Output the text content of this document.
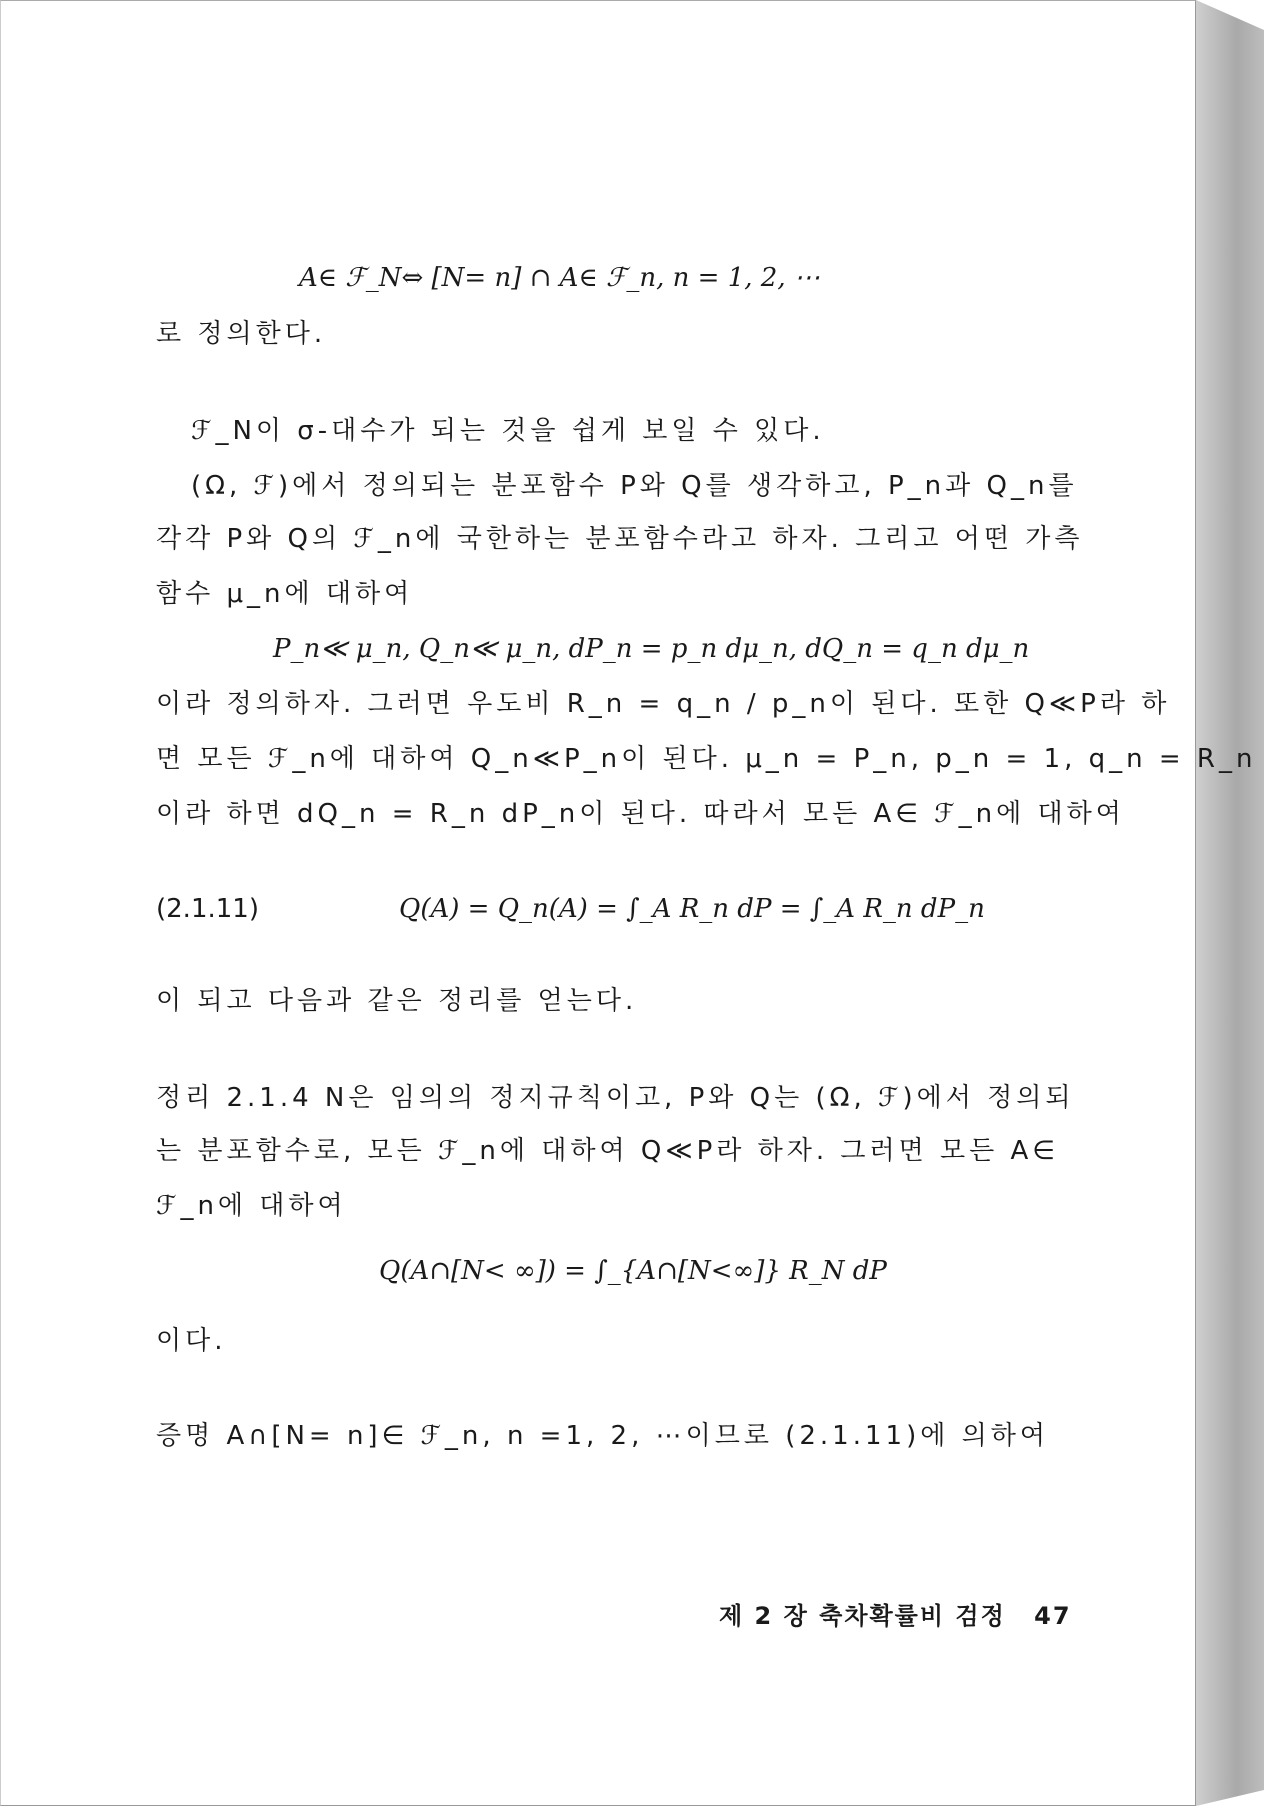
A∈ ℱ_N⇔ [N= n] ∩ A∈ ℱ_n, n = 1, 2, ⋯
로 정의한다.
ℱ_N이 σ-대수가 되는 것을 쉽게 보일 수 있다.
(Ω, ℱ)에서 정의되는 분포함수 P와 Q를 생각하고, P_n과 Q_n를
각각 P와 Q의 ℱ_n에 국한하는 분포함수라고 하자. 그리고 어떤 가측
함수 μ_n에 대하여
P_n≪ μ_n, Q_n≪ μ_n, dP_n = p_n dμ_n, dQ_n = q_n dμ_n
이라 정의하자. 그러면 우도비 R_n = q_n / p_n이 된다. 또한 Q≪P라 하
면 모든 ℱ_n에 대하여 Q_n≪P_n이 된다. μ_n = P_n, p_n = 1, q_n = R_n
이라 하면 dQ_n = R_n dP_n이 된다. 따라서 모든 A∈ ℱ_n에 대하여
(2.1.11)	Q(A) = Q_n(A) = ∫_A R_n dP = ∫_A R_n dP_n
이 되고 다음과 같은 정리를 얻는다.
정리 2.1.4 N은 임의의 정지규칙이고, P와 Q는 (Ω, ℱ)에서 정의되
는 분포함수로, 모든 ℱ_n에 대하여 Q≪P라 하자. 그러면 모든 A∈
ℱ_n에 대하여
Q(A∩[N< ∞]) = ∫_{A∩[N<∞]} R_N dP
이다.
증명 A∩[N= n]∈ ℱ_n, n =1, 2, ⋯이므로 (2.1.11)에 의하여
제 2 장 축차확률비 검정 47
